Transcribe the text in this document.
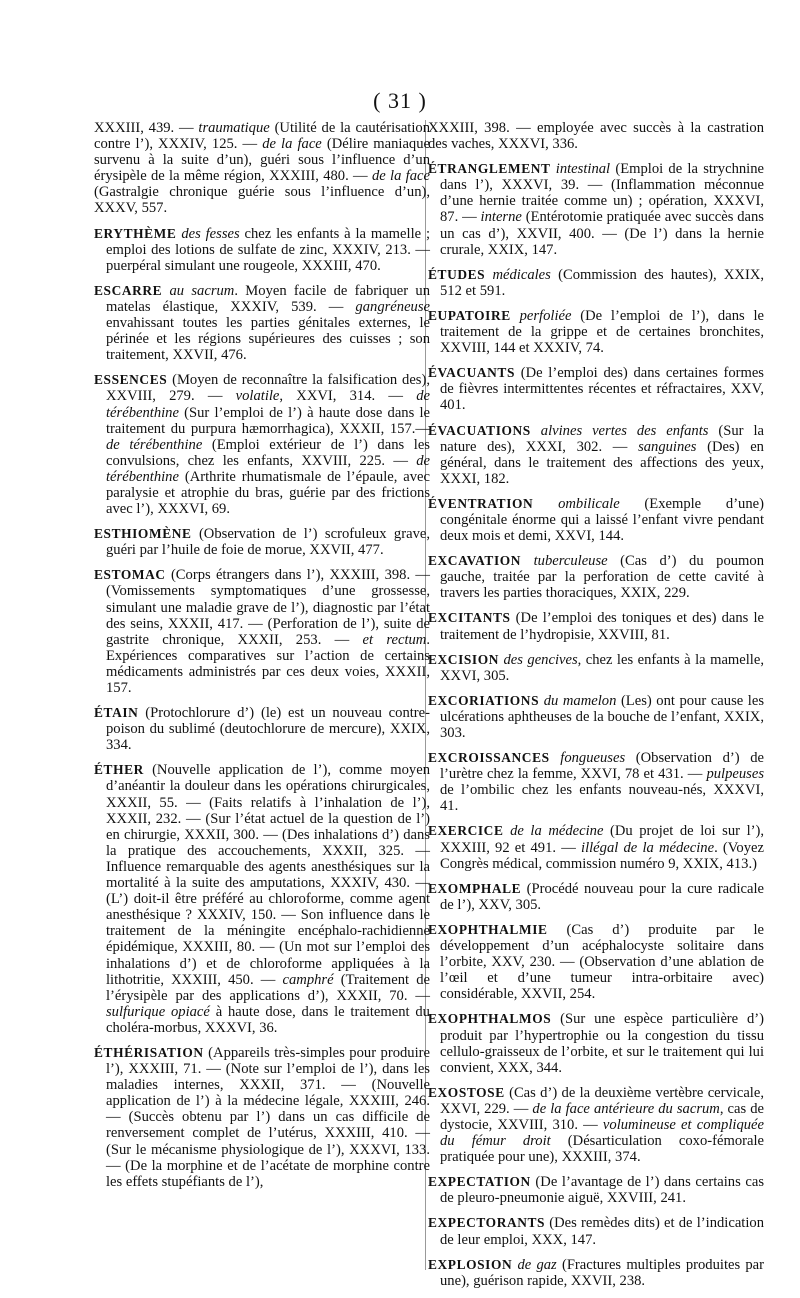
( 31 )

XXXIII, 439. — traumatique (Utilité de la cautérisation contre l’), XXXIV, 125. — de la face (Délire maniaque survenu à la suite d’un), guéri sous l’influence d’un érysipèle de la même région, XXXIII, 480. — de la face (Gastralgie chronique guérie sous l’influence d’un), XXXV, 557.

ERYTHÈME des fesses chez les enfants à la mamelle ; emploi des lotions de sulfate de zinc, XXXIV, 213. — puerpéral simulant une rougeole, XXXIII, 470.

ESCARRE au sacrum. Moyen facile de fabriquer un matelas élastique, XXXIV, 539. — gangréneuse envahissant toutes les parties génitales externes, le périnée et les régions supérieures des cuisses ; son traitement, XXVII, 476.

ESSENCES (Moyen de reconnaître la falsification des), XXVIII, 279. — volatile, XXVI, 314. — de térébenthine (Sur l’emploi de l’) à haute dose dans le traitement du purpura hæmorrhagica), XXXII, 157.— de térébenthine (Emploi extérieur de l’) dans les convulsions, chez les enfants, XXVIII, 225. — de térébenthine (Arthrite rhumatismale de l’épaule, avec paralysie et atrophie du bras, guérie par des frictions avec l’), XXXVI, 69.

ESTHIOMÈNE (Observation de l’) scrofuleux grave, guéri par l’huile de foie de morue, XXVII, 477.

ESTOMAC (Corps étrangers dans l’), XXXIII, 398. — (Vomissements symptomatiques d’une grossesse, simulant une maladie grave de l’), diagnostic par l’état des seins, XXXII, 417. — (Perforation de l’), suite de gastrite chronique, XXXII, 253. — et rectum. Expériences comparatives sur l’action de certains médicaments administrés par ces deux voies, XXXII, 157.

ÉTAIN (Protochlorure d’) (le) est un nouveau contre-poison du sublimé (deutochlorure de mercure), XXIX, 334.

ÉTHER (Nouvelle application de l’), comme moyen d’anéantir la douleur dans les opérations chirurgicales, XXXII, 55. — (Faits relatifs à l’inhalation de l’), XXXII, 232. — (Sur l’état actuel de la question de l’) en chirurgie, XXXII, 300. — (Des inhalations d’) dans la pratique des accouchements, XXXII, 325. — Influence remarquable des agents anesthésiques sur la mortalité à la suite des amputations, XXXIV, 430. — (L’) doit-il être préféré au chloroforme, comme agent anesthésique ? XXXIV, 150. — Son influence dans le traitement de la méningite encéphalo-rachidienne épidémique, XXXIII, 80. — (Un mot sur l’emploi des inhalations d’) et de chloroforme appliquées à la lithotritie, XXXIII, 450. — camphré (Traitement de l’érysipèle par des applications d’), XXXII, 70. — sulfurique opiacé à haute dose, dans le traitement du choléra-morbus, XXXVI, 36.

ÉTHÉRISATION (Appareils très-simples pour produire l’), XXXIII, 71. — (Note sur l’emploi de l’), dans les maladies internes, XXXII, 371. — (Nouvelle application de l’) à la médecine légale, XXXIII, 246. — (Succès obtenu par l’) dans un cas difficile de renversement complet de l’utérus, XXXIII, 410. — (Sur le mécanisme physiologique de l’), XXXVI, 133. — (De la morphine et de l’acétate de morphine contre les effets stupéfiants de l’),

XXXIII, 398. — employée avec succès à la castration des vaches, XXXVI, 336.

ÉTRANGLEMENT intestinal (Emploi de la strychnine dans l’), XXXVI, 39. — (Inflammation méconnue d’une hernie traitée comme un) ; opération, XXXVI, 87. — interne (Entérotomie pratiquée avec succès dans un cas d’), XXVII, 400. — (De l’) dans la hernie crurale, XXIX, 147.

ÉTUDES médicales (Commission des hautes), XXIX, 512 et 591.

EUPATOIRE perfoliée (De l’emploi de l’), dans le traitement de la grippe et de certaines bronchites, XXVIII, 144 et XXXIV, 74.

ÉVACUANTS (De l’emploi des) dans certaines formes de fièvres intermittentes récentes et réfractaires, XXV, 401.

ÉVACUATIONS alvines vertes des enfants (Sur la nature des), XXXI, 302. — sanguines (Des) en général, dans le traitement des affections des yeux, XXXI, 182.

ÉVENTRATION ombilicale (Exemple d’une) congénitale énorme qui a laissé l’enfant vivre pendant deux mois et demi, XXVI, 144.

EXCAVATION tuberculeuse (Cas d’) du poumon gauche, traitée par la perforation de cette cavité à travers les parties thoraciques, XXIX, 229.

EXCITANTS (De l’emploi des toniques et des) dans le traitement de l’hydropisie, XXVIII, 81.

EXCISION des gencives, chez les enfants à la mamelle, XXVI, 305.

EXCORIATIONS du mamelon (Les) ont pour cause les ulcérations aphtheuses de la bouche de l’enfant, XXIX, 303.

EXCROISSANCES fongueuses (Observation d’) de l’urètre chez la femme, XXVI, 78 et 431. — pulpeuses de l’ombilic chez les enfants nouveau-nés, XXXVI, 41.

EXERCICE de la médecine (Du projet de loi sur l’), XXXIII, 92 et 491. — illégal de la médecine. (Voyez Congrès médical, commission numéro 9, XXIX, 413.)

EXOMPHALE (Procédé nouveau pour la cure radicale de l’), XXV, 305.

EXOPHTHALMIE (Cas d’) produite par le développement d’un acéphalocyste solitaire dans l’orbite, XXV, 230. — (Observation d’une ablation de l’œil et d’une tumeur intra-orbitaire avec) considérable, XXVII, 254.

EXOPHTHALMOS (Sur une espèce particulière d’) produit par l’hypertrophie ou la congestion du tissu cellulo-graisseux de l’orbite, et sur le traitement qui lui convient, XXX, 344.

EXOSTOSE (Cas d’) de la deuxième vertèbre cervicale, XXVI, 229. — de la face antérieure du sacrum, cas de dystocie, XXVIII, 310. — volumineuse et compliquée du fémur droit (Désarticulation coxo-fémorale pratiquée pour une), XXXIII, 374.

EXPECTATION (De l’avantage de l’) dans certains cas de pleuro-pneumonie aiguë, XXVIII, 241.

EXPECTORANTS (Des remèdes dits) et de l’indication de leur emploi, XXX, 147.

EXPLOSION de gaz (Fractures multiples produites par une), guérison rapide, XXVII, 238.
